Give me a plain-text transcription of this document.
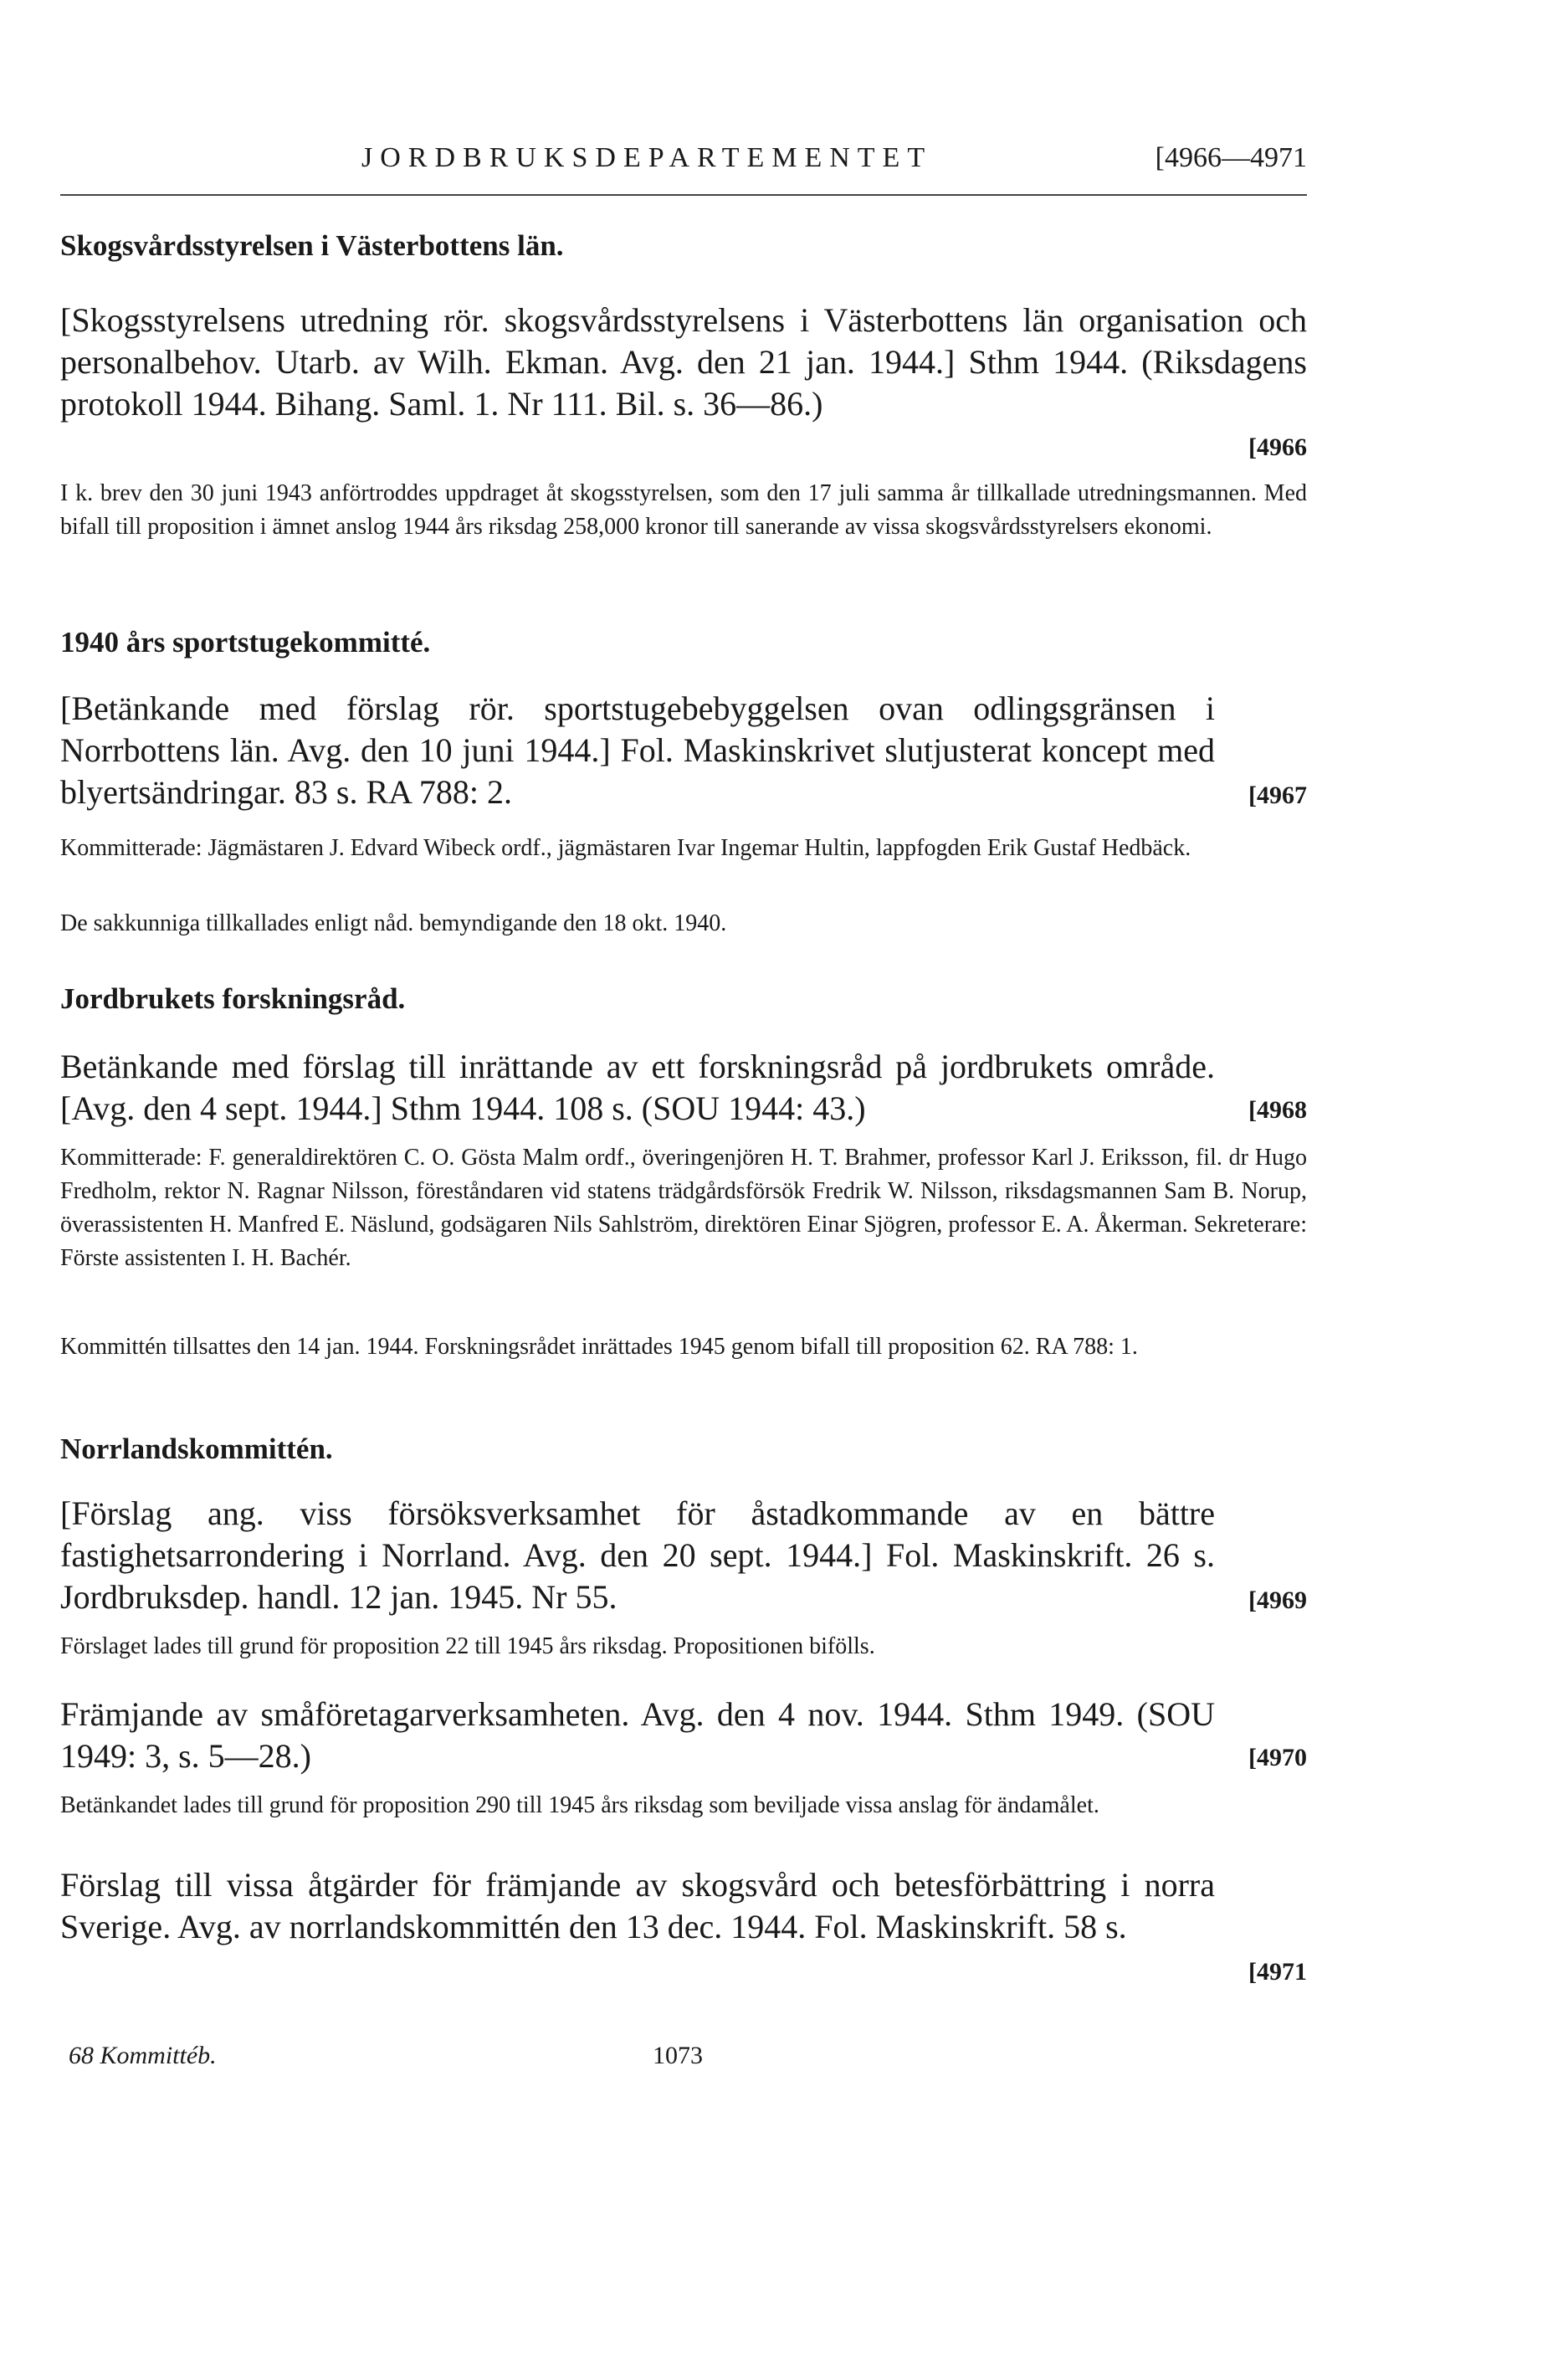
JORDBRUKSDEPARTEMENTET	[4966—4971
Skogsvårdsstyrelsen i Västerbottens län.
[Skogsstyrelsens utredning rör. skogsvårdsstyrelsens i Västerbottens län organisation och personalbehov. Utarb. av Wilh. Ekman. Avg. den 21 jan. 1944.] Sthm 1944. (Riksdagens protokoll 1944. Bihang. Saml. 1. Nr 111. Bil. s. 36—86.)
[4966
I k. brev den 30 juni 1943 anförtroddes uppdraget åt skogsstyrelsen, som den 17 juli samma år tillkallade utredningsmannen. Med bifall till proposition i ämnet anslog 1944 års riksdag 258,000 kronor till sanerande av vissa skogsvårdsstyrelsers ekonomi.
1940 års sportstugekommitté.
[Betänkande med förslag rör. sportstugebebyggelsen ovan odlingsgränsen i Norrbottens län. Avg. den 10 juni 1944.] Fol. Maskinskrivet slutjusterat koncept med blyertsändringar. 83 s. RA 788: 2.	[4967
Kommitterade: Jägmästaren J. Edvard Wibeck ordf., jägmästaren Ivar Ingemar Hultin, lappfogden Erik Gustaf Hedbäck.
De sakkunniga tillkallades enligt nåd. bemyndigande den 18 okt. 1940.
Jordbrukets forskningsråd.
Betänkande med förslag till inrättande av ett forskningsråd på jordbrukets område. [Avg. den 4 sept. 1944.] Sthm 1944. 108 s. (SOU 1944: 43.)	[4968
Kommitterade: F. generaldirektören C. O. Gösta Malm ordf., överingenjören H. T. Brahmer, professor Karl J. Eriksson, fil. dr Hugo Fredholm, rektor N. Ragnar Nilsson, föreståndaren vid statens trädgårdsförsök Fredrik W. Nilsson, riksdagsmannen Sam B. Norup, överassistenten H. Manfred E. Näslund, godsägaren Nils Sahlström, direktören Einar Sjögren, professor E. A. Åkerman. Sekreterare: Förste assistenten I. H. Bachér.
Kommittén tillsattes den 14 jan. 1944. Forskningsrådet inrättades 1945 genom bifall till proposition 62. RA 788: 1.
Norrlandskommittén.
[Förslag ang. viss försöksverksamhet för åstadkommande av en bättre fastighetsarrondering i Norrland. Avg. den 20 sept. 1944.] Fol. Maskinskrift. 26 s. Jordbruksdep. handl. 12 jan. 1945. Nr 55.	[4969
Förslaget lades till grund för proposition 22 till 1945 års riksdag. Propositionen bifölls.
Främjande av småföretagarverksamheten. Avg. den 4 nov. 1944. Sthm 1949. (SOU 1949: 3, s. 5—28.)	[4970
Betänkandet lades till grund för proposition 290 till 1945 års riksdag som beviljade vissa anslag för ändamålet.
Förslag till vissa åtgärder för främjande av skogsvård och betesförbättring i norra Sverige. Avg. av norrlandskommittén den 13 dec. 1944. Fol. Maskinskrift. 58 s.
[4971
68 Kommittéb.	1073
